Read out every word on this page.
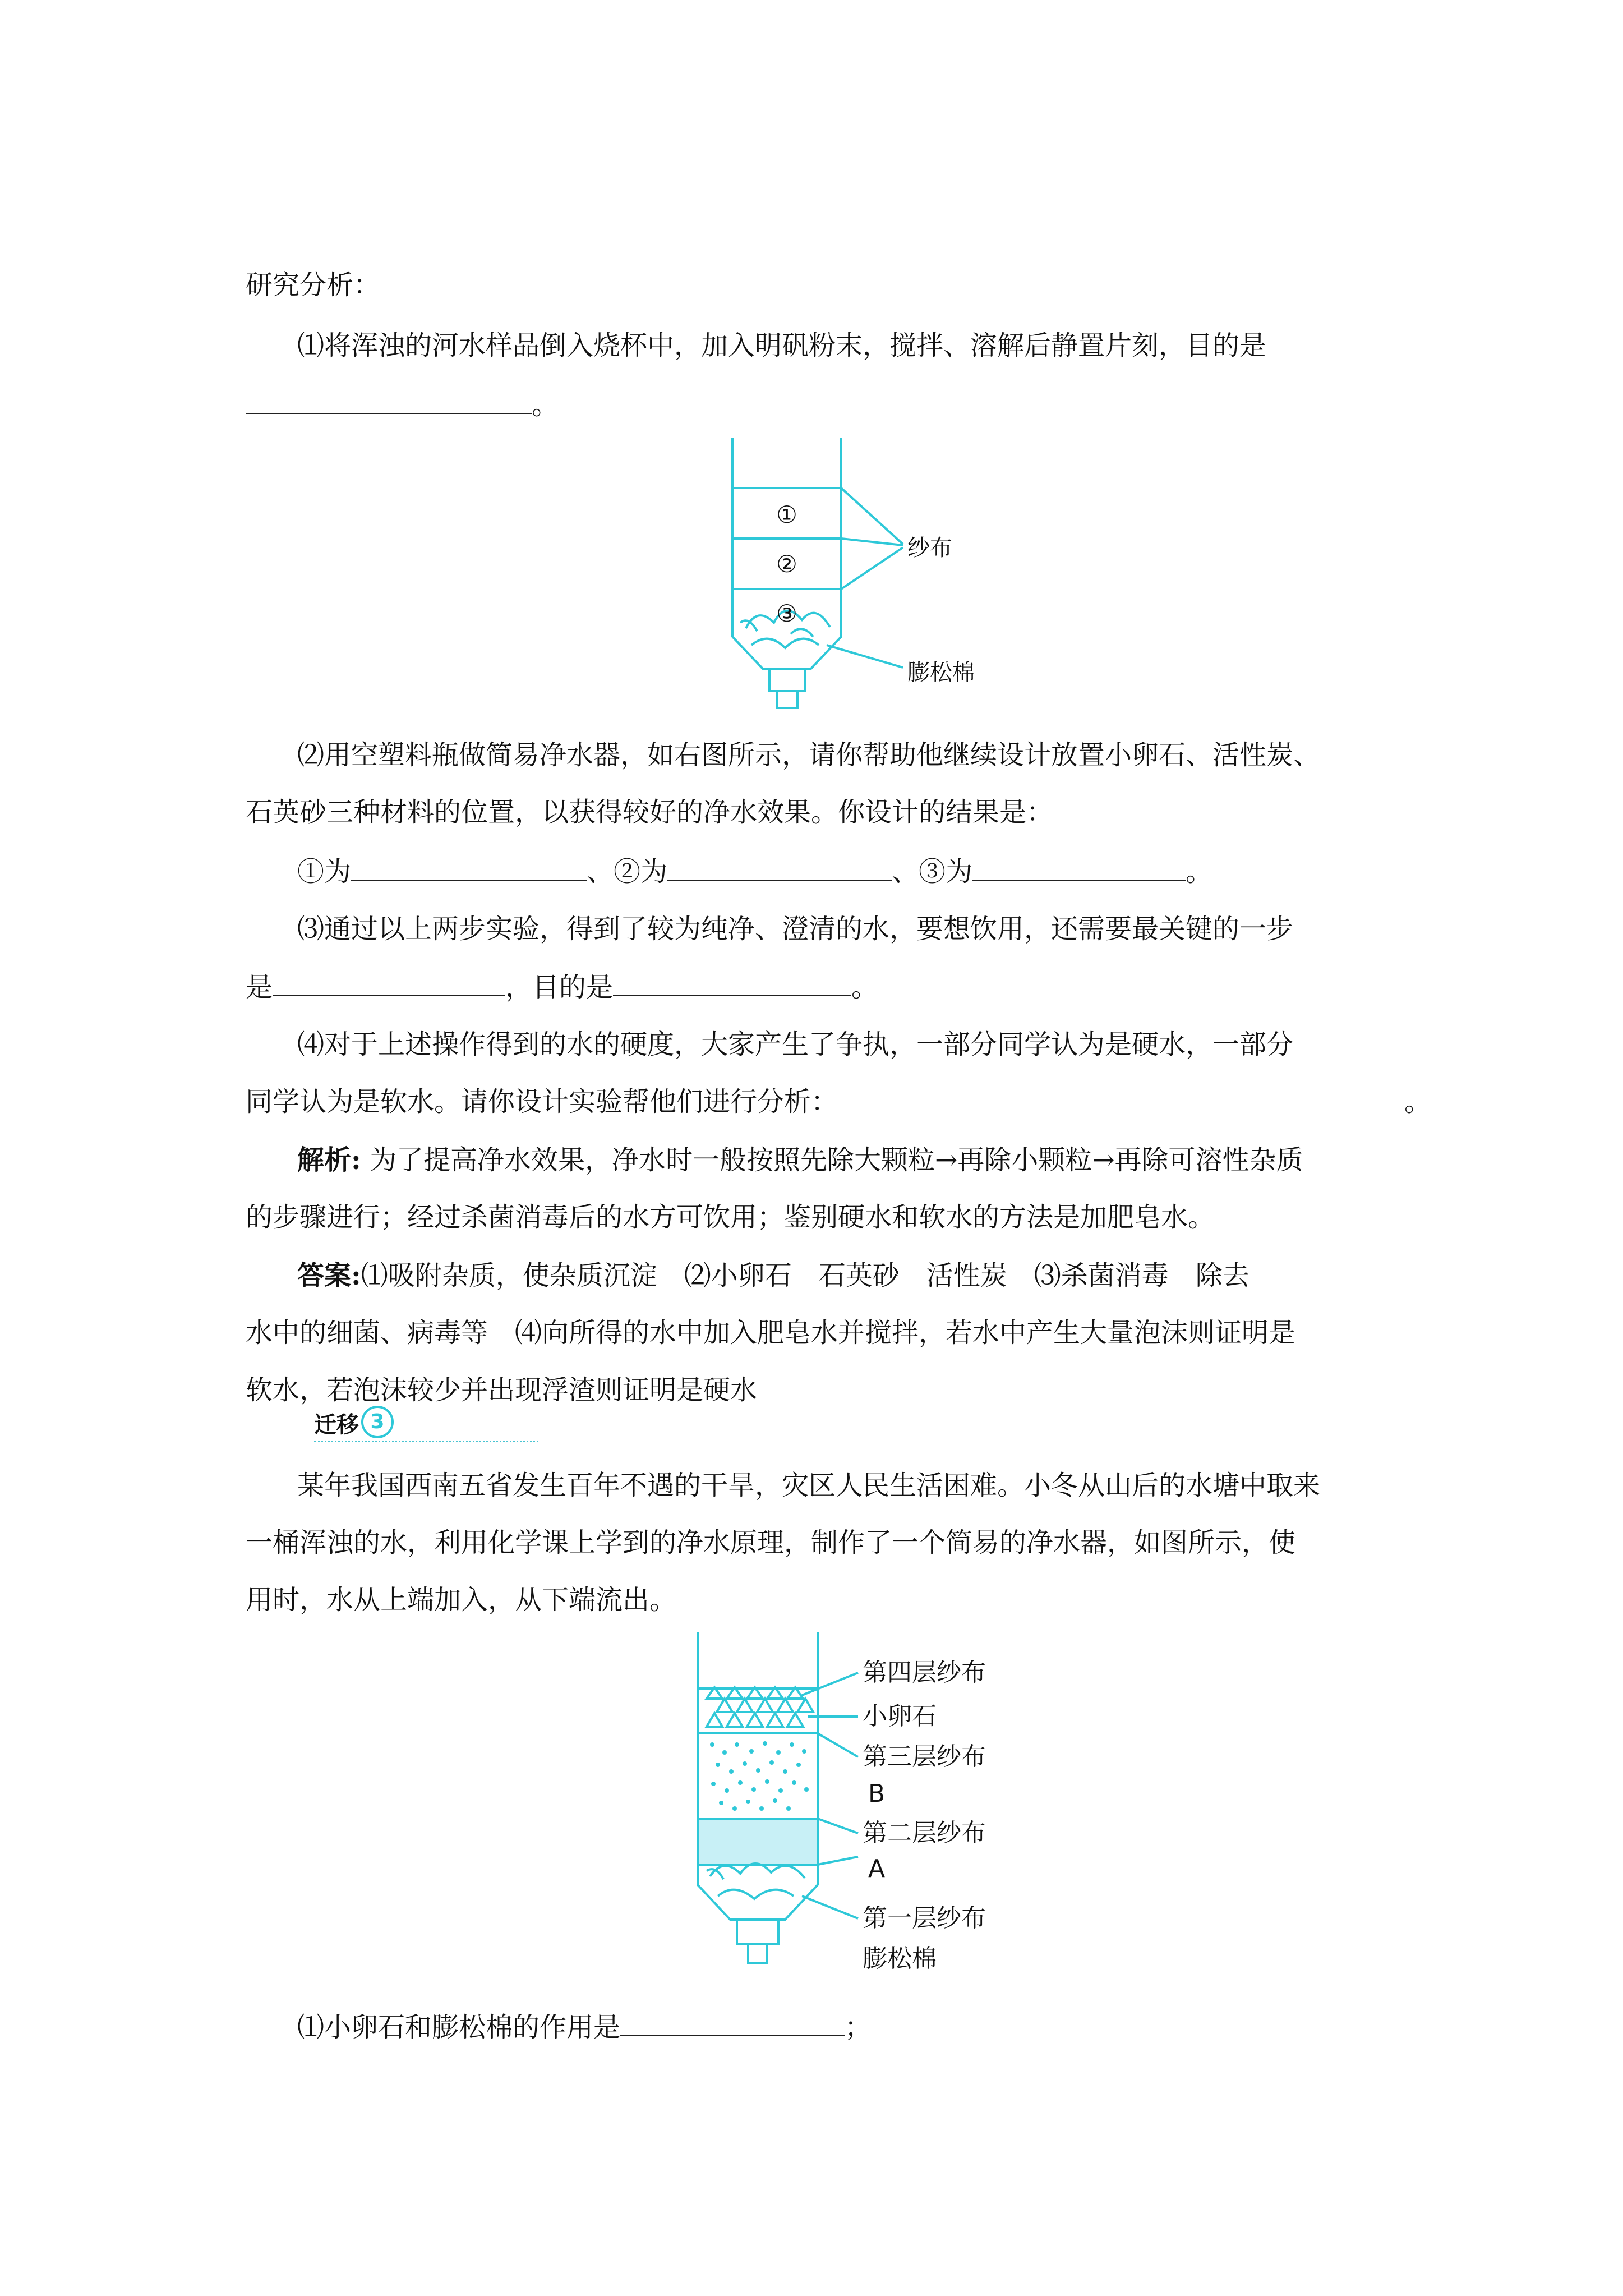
研究分析：
⑴将浑浊的河水样品倒入烧杯中，加入明矾粉末，搅拌、溶解后静置片刻，目的是
。
①
②
③
纱布
膨松棉
⑵用空塑料瓶做简易净水器，如右图所示，请你帮助他继续设计放置小卵石、活性炭、
石英砂三种材料的位置，以获得较好的净水效果。你设计的结果是：
①为	、②为	、③为	。
⑶通过以上两步实验，得到了较为纯净、澄清的水，要想饮用，还需要最关键的一步
是	，目的是	。
⑷对于上述操作得到的水的硬度，大家产生了争执，一部分同学认为是硬水，一部分
同学认为是软水。请你设计实验帮他们进行分析：	。
解析: 为了提高净水效果，净水时一般按照先除大颗粒→再除小颗粒→再除可溶性杂质
的步骤进行；经过杀菌消毒后的水方可饮用；鉴别硬水和软水的方法是加肥皂水。
答案:⑴吸附杂质，使杂质沉淀　⑵小卵石　石英砂　活性炭　⑶杀菌消毒　除去
水中的细菌、病毒等　⑷向所得的水中加入肥皂水并搅拌，若水中产生大量泡沫则证明是
软水，若泡沫较少并出现浮渣则证明是硬水
迁移 3
某年我国西南五省发生百年不遇的干旱，灾区人民生活困难。小冬从山后的水塘中取来
一桶浑浊的水，利用化学课上学到的净水原理，制作了一个简易的净水器，如图所示，使
用时，水从上端加入，从下端流出。
第四层纱布
小卵石
第三层纱布
B
第二层纱布
A
第一层纱布
膨松棉
⑴小卵石和膨松棉的作用是	；
